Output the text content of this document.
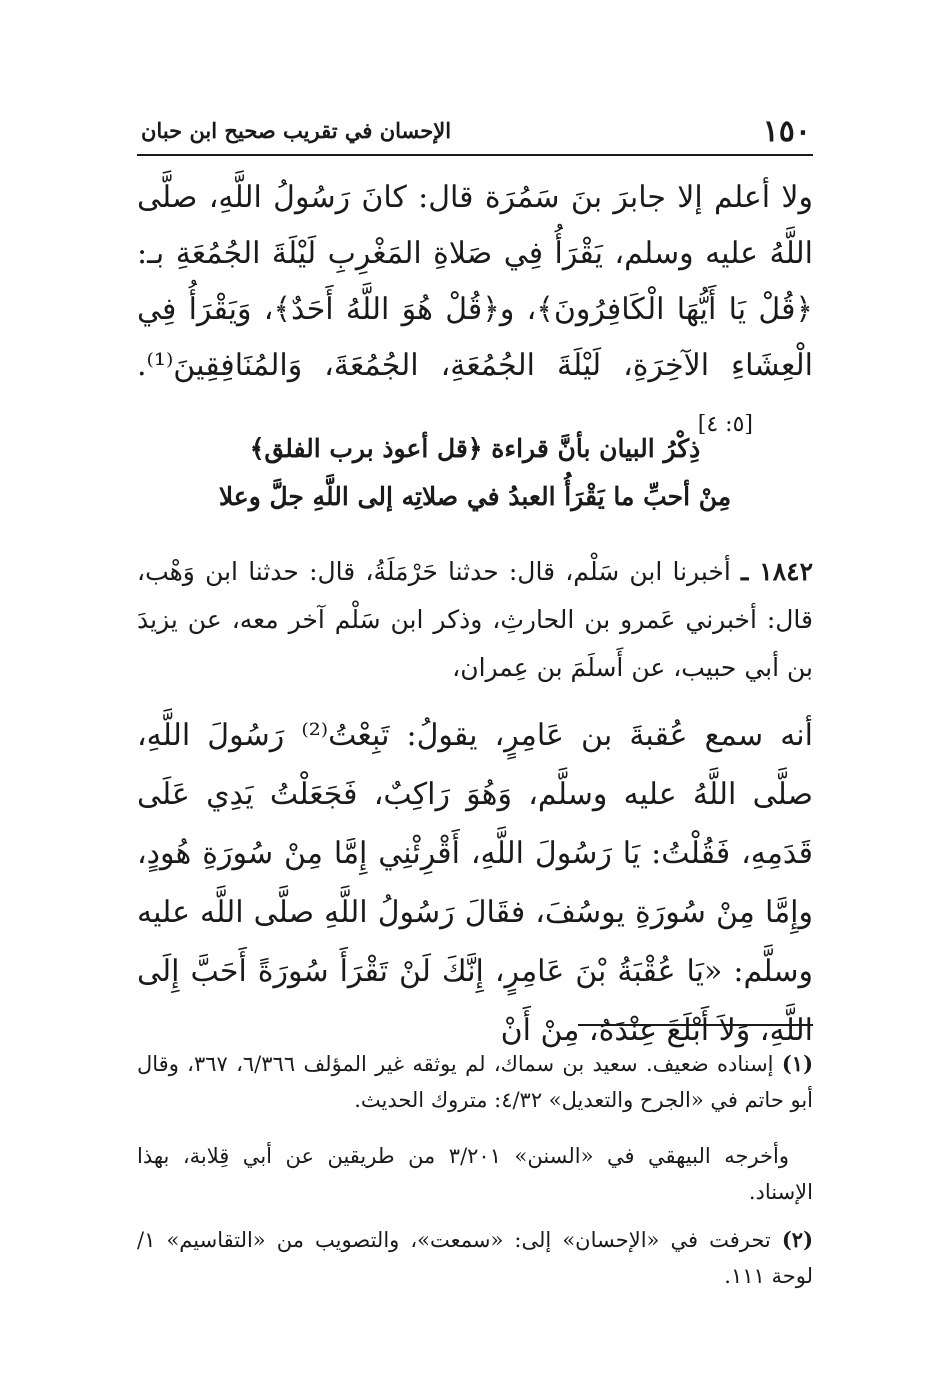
١٥٠
الإحسان في تقريب صحيح ابن حبان

ولا أعلم إلا جابرَ بنَ سَمُرَة قال: كانَ رَسُولُ اللَّهِ، صلَّى اللَّهُ عليه وسلم، يَقْرَأُ فِي صَلاةِ المَغْرِبِ لَيْلَةَ الجُمُعَةِ بـ: ﴿قُلْ يَا أَيُّهَا الْكَافِرُونَ﴾، و﴿قُلْ هُوَ اللَّهُ أَحَدٌ﴾، وَيَقْرَأُ فِي الْعِشَاءِ الآخِرَةِ، لَيْلَةَ الجُمُعَةِ، الجُمُعَةَ، وَالمُنَافِقِينَ⁽¹⁾. [٥: ٤]

ذِكْرُ البيان بأنَّ قراءة ﴿قل أعوذ برب الفلق﴾
مِنْ أحبِّ ما يَقْرَأُ العبدُ في صلاتِه إلى اللَّهِ جلَّ وعلا

١٨٤٢ ـ أخبرنا ابن سَلْم، قال: حدثنا حَرْمَلَةُ، قال: حدثنا ابن وَهْب، قال: أخبرني عَمرو بن الحارثِ، وذكر ابن سَلْم آخر معه، عن يزيدَ بن أبي حبيب، عن أَسلَمَ بن عِمران،

أنه سمع عُقبةَ بن عَامِرٍ، يقولُ: تَبِعْتُ⁽²⁾ رَسُولَ اللَّهِ، صلَّى اللَّهُ عليه وسلَّم، وَهُوَ رَاكِبٌ، فَجَعَلْتُ يَدِي عَلَى قَدَمِهِ، فَقُلْتُ: يَا رَسُولَ اللَّهِ، أَقْرِئْنِي إِمَّا مِنْ سُورَةِ هُودٍ، وإِمَّا مِنْ سُورَةِ يوسُفَ، فقَالَ رَسُولُ اللَّهِ صلَّى اللَّه عليه وسلَّم: «يَا عُقْبَةُ بْنَ عَامِرٍ، إِنَّكَ لَنْ تَقْرَأَ سُورَةً أَحَبَّ إِلَى اللَّهِ، وَلاَ أَبْلَغَ عِنْدَهُ، مِنْ أَنْ

(١) إسناده ضعيف. سعيد بن سماك، لم يوثقه غير المؤلف ٦/٣٦٦، ٣٦٧، وقال أبو حاتم في «الجرح والتعديل» ٤/٣٢: متروك الحديث.

وأخرجه البيهقي في «السنن» ٣/٢٠١ من طريقين عن أبي قِلابة، بهذا الإسناد.

(٢) تحرفت في «الإحسان» إلى: «سمعت»، والتصويب من «التقاسيم» ١/لوحة ١١١.
